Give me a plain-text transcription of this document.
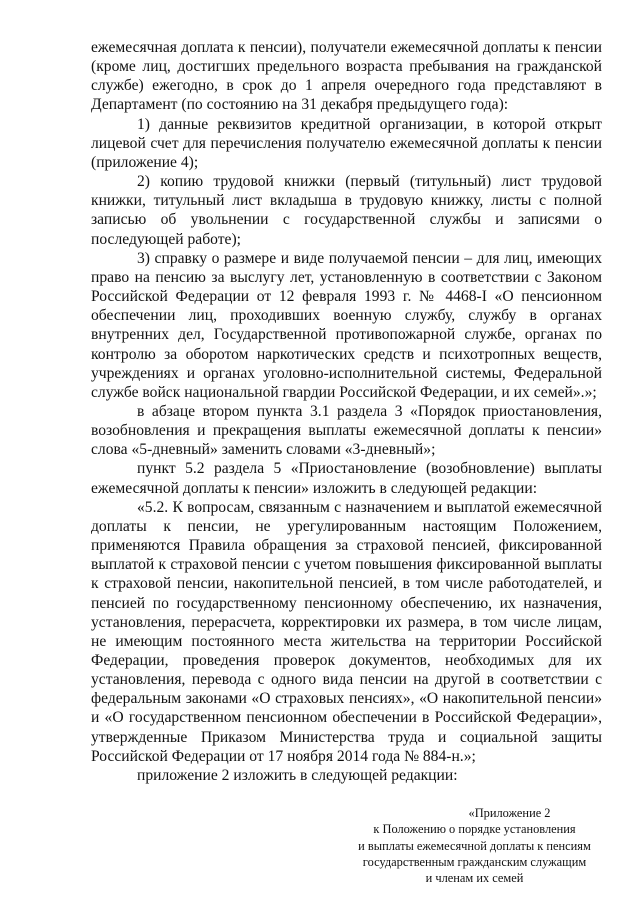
ежемесячная доплата к пенсии), получатели ежемесячной доплаты к пенсии (кроме лиц, достигших предельного возраста пребывания на гражданской службе) ежегодно, в срок до 1 апреля очередного года представляют в Департамент (по состоянию на 31 декабря предыдущего года):

1) данные реквизитов кредитной организации, в которой открыт лицевой счет для перечисления получателю ежемесячной доплаты к пенсии (приложение 4);

2) копию трудовой книжки (первый (титульный) лист трудовой книжки, титульный лист вкладыша в трудовую книжку, листы с полной записью об увольнении с государственной службы и записями о последующей работе);

3) справку о размере и виде получаемой пенсии – для лиц, имеющих право на пенсию за выслугу лет, установленную в соответствии с Законом Российской Федерации от 12 февраля 1993 г. № 4468-I «О пенсионном обеспечении лиц, проходивших военную службу, службу в органах внутренних дел, Государственной противопожарной службе, органах по контролю за оборотом наркотических средств и психотропных веществ, учреждениях и органах уголовно-исполнительной системы, Федеральной службе войск национальной гвардии Российской Федерации, и их семей».»;

в абзаце втором пункта 3.1 раздела 3 «Порядок приостановления, возобновления и прекращения выплаты ежемесячной доплаты к пенсии» слова «5-дневный» заменить словами «3-дневный»;

пункт 5.2 раздела 5 «Приостановление (возобновление) выплаты ежемесячной доплаты к пенсии» изложить в следующей редакции:

«5.2. К вопросам, связанным с назначением и выплатой ежемесячной доплаты к пенсии, не урегулированным настоящим Положением, применяются Правила обращения за страховой пенсией, фиксированной выплатой к страховой пенсии с учетом повышения фиксированной выплаты к страховой пенсии, накопительной пенсией, в том числе работодателей, и пенсией по государственному пенсионному обеспечению, их назначения, установления, перерасчета, корректировки их размера, в том числе лицам, не имеющим постоянного места жительства на территории Российской Федерации, проведения проверок документов, необходимых для их установления, перевода с одного вида пенсии на другой в соответствии с федеральным законами «О страховых пенсиях», «О накопительной пенсии» и «О государственном пенсионном обеспечении в Российской Федерации», утвержденные Приказом Министерства труда и социальной защиты Российской Федерации от 17 ноября 2014 года № 884-н.»;

приложение 2 изложить в следующей редакции:

«Приложение 2
к Положению о порядке установления
и выплаты ежемесячной доплаты к пенсиям
государственным гражданским служащим
и членам их семей
